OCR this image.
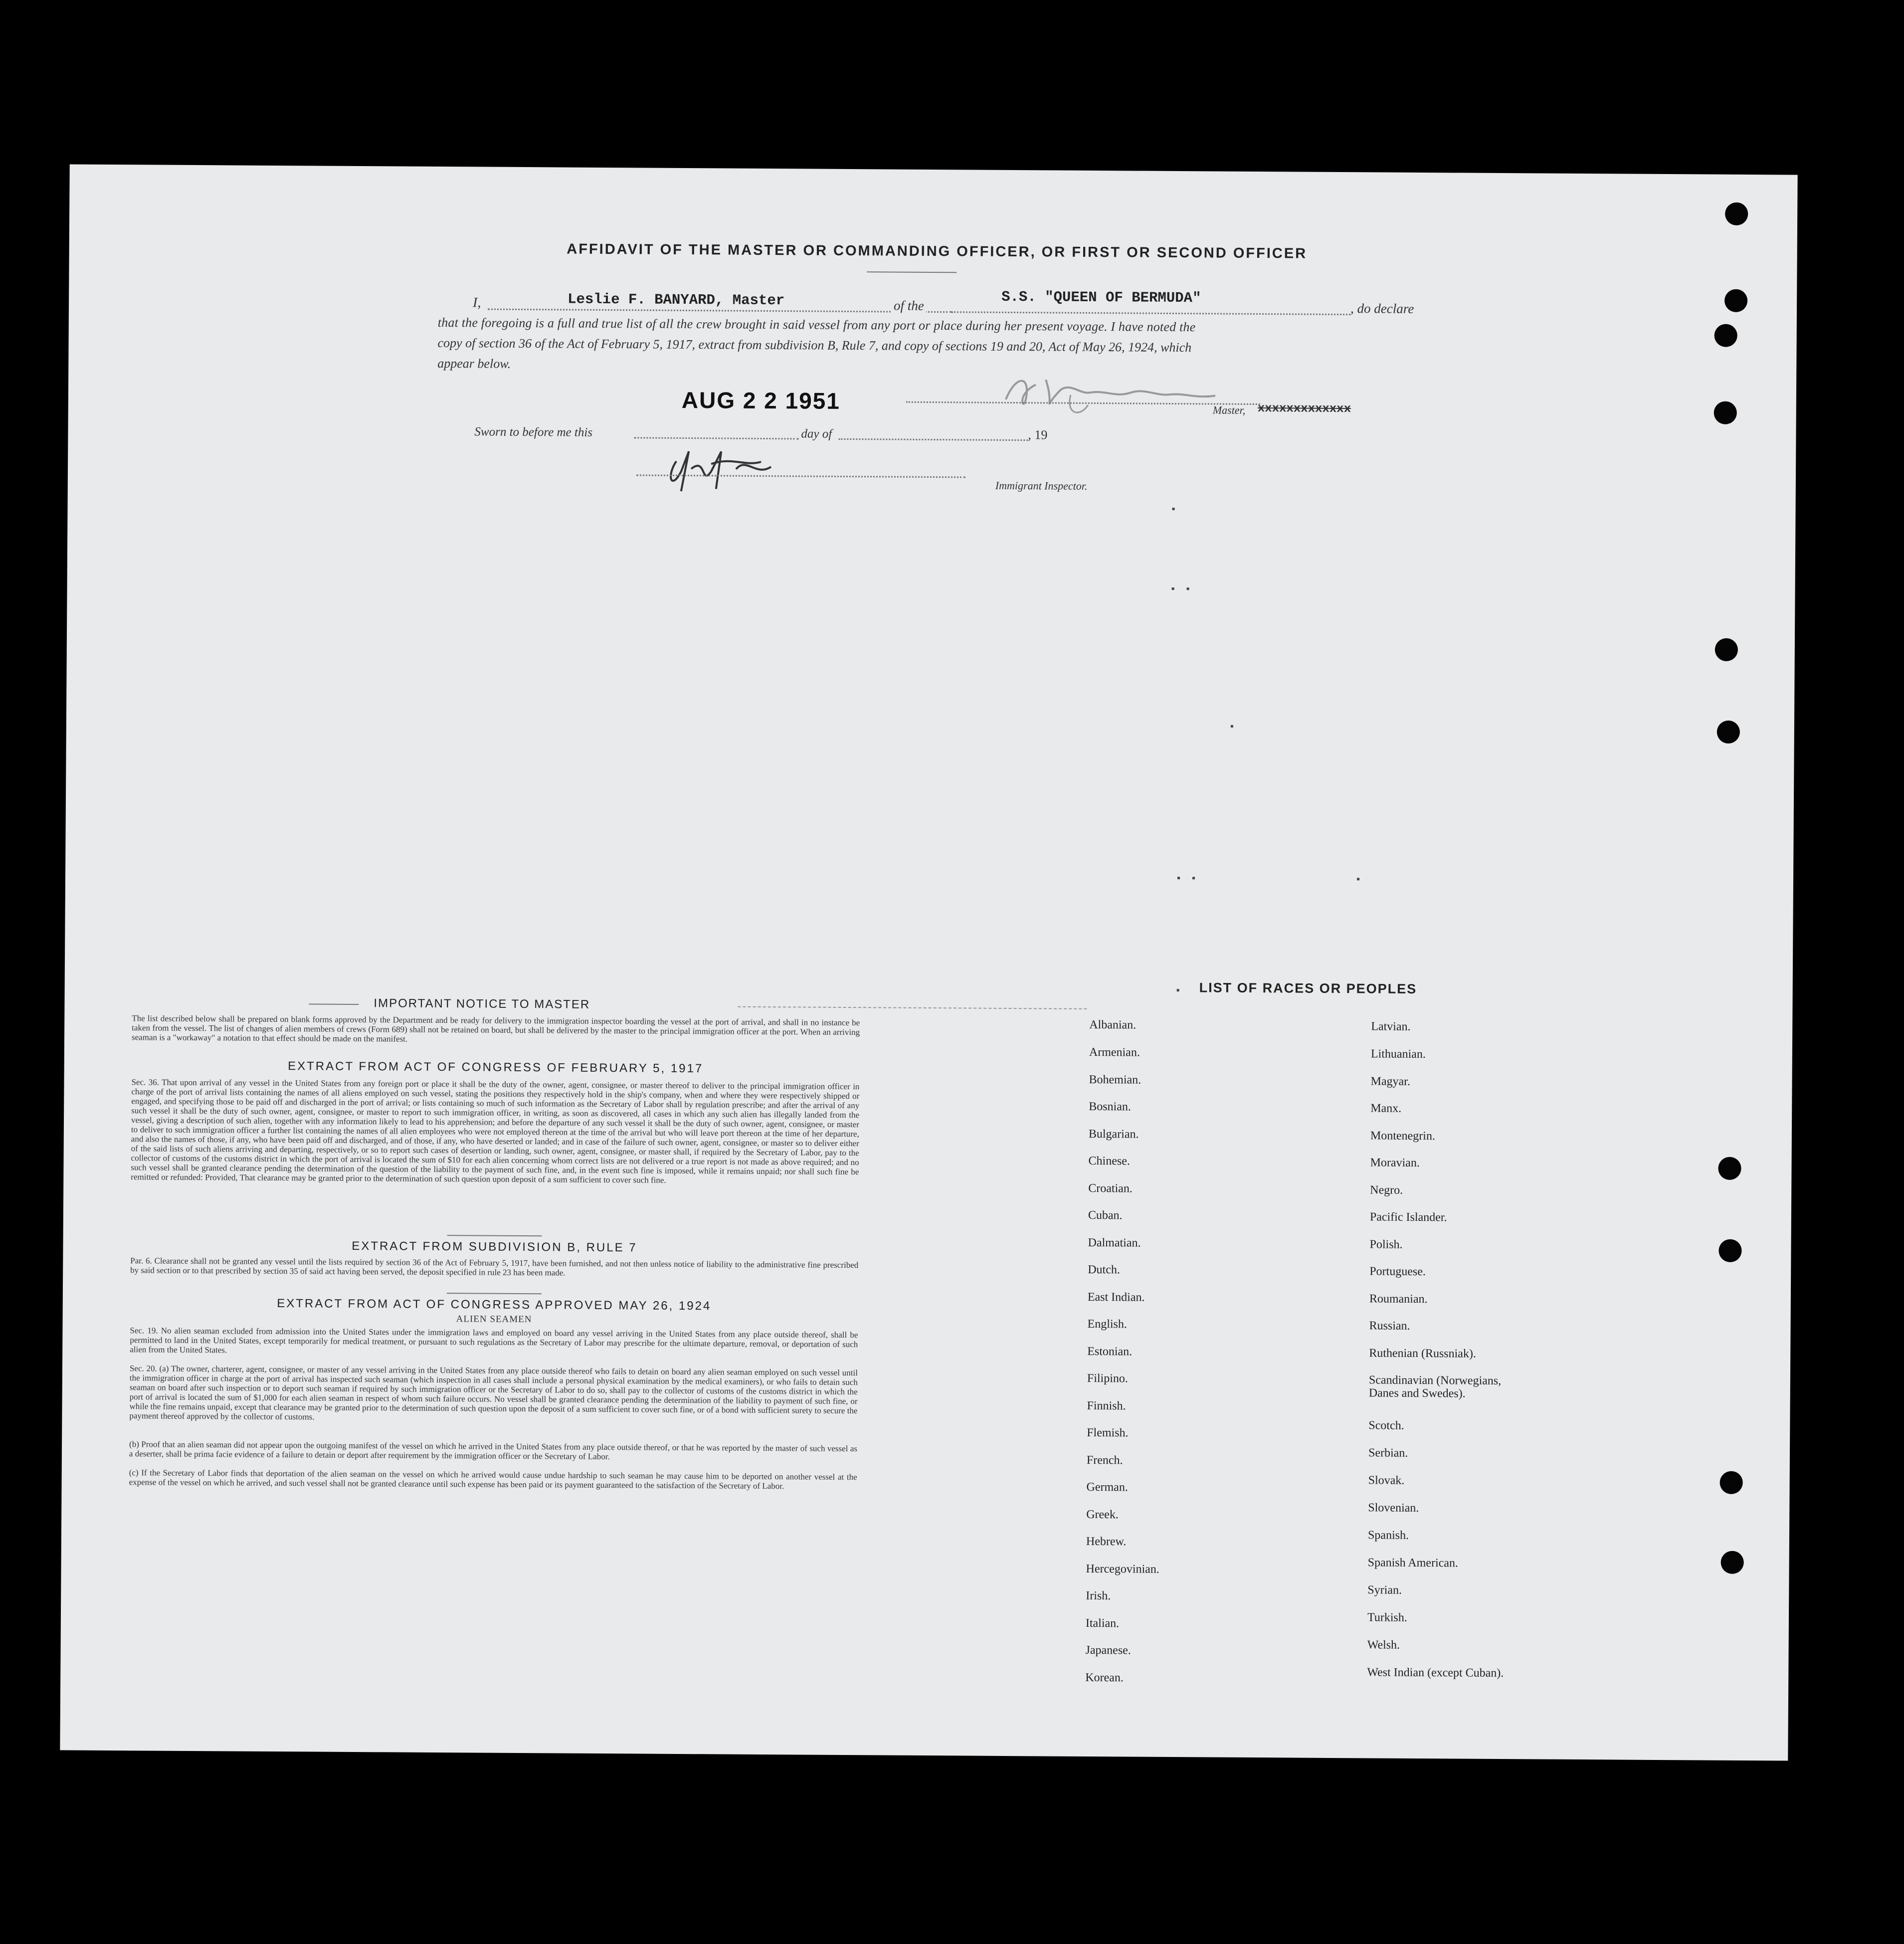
AFFIDAVIT OF THE MASTER OR COMMANDING OFFICER, OR FIRST OR SECOND OFFICER
I,	Leslie F. BANYARD, Master	of the	S.S. "QUEEN OF BERMUDA"
, do declare
that the foregoing is a full and true list of all the crew brought in said vessel from any port or place during her present voyage. I have noted the
copy of section 36 of the Act of February 5, 1917, extract from subdivision B, Rule 7, and copy of sections 19 and 20, Act of May 26, 1924, which
appear below.
AUG 2 2 1951	Master, xxxxxxxxxxxxx
Sworn to before me this	day of	, 19
Immigrant Inspector.
IMPORTANT NOTICE TO MASTER
The list described below shall be prepared on blank forms approved by the Department and be ready for delivery to the immigration inspector boarding the vessel at the port of arrival, and shall in no instance be taken from the vessel. The list of changes of alien members of crews (Form 689) shall not be retained on board, but shall be delivered by the master to the principal immigration officer at the port. When an arriving seaman is a "workaway" a notation to that effect should be made on the manifest.
EXTRACT FROM ACT OF CONGRESS OF FEBRUARY 5, 1917
Sec. 36. That upon arrival of any vessel in the United States from any foreign port or place it shall be the duty of the owner, agent, consignee, or master thereof to deliver to the principal immigration officer in charge of the port of arrival lists containing the names of all aliens employed on such vessel, stating the positions they respectively hold in the ship's company, when and where they were respectively shipped or engaged, and specifying those to be paid off and discharged in the port of arrival; or lists containing so much of such information as the Secretary of Labor shall by regulation prescribe; and after the arrival of any such vessel it shall be the duty of such owner, agent, consignee, or master to report to such immigration officer, in writing, as soon as discovered, all cases in which any such alien has illegally landed from the vessel, giving a description of such alien, together with any information likely to lead to his apprehension; and before the departure of any such vessel it shall be the duty of such owner, agent, consignee, or master to deliver to such immigration officer a further list containing the names of all alien employees who were not employed thereon at the time of the arrival but who will leave port thereon at the time of her departure, and also the names of those, if any, who have been paid off and discharged, and of those, if any, who have deserted or landed; and in case of the failure of such owner, agent, consignee, or master so to deliver either of the said lists of such aliens arriving and departing, respectively, or so to report such cases of desertion or landing, such owner, agent, consignee, or master shall, if required by the Secretary of Labor, pay to the collector of customs of the customs district in which the port of arrival is located the sum of $10 for each alien concerning whom correct lists are not delivered or a true report is not made as above required; and no such vessel shall be granted clearance pending the determination of the question of the liability to the payment of such fine, and, in the event such fine is imposed, while it remains unpaid; nor shall such fine be remitted or refunded: Provided, That clearance may be granted prior to the determination of such question upon deposit of a sum sufficient to cover such fine.
EXTRACT FROM SUBDIVISION B, RULE 7
Par. 6. Clearance shall not be granted any vessel until the lists required by section 36 of the Act of February 5, 1917, have been furnished, and not then unless notice of liability to the administrative fine prescribed by said section or to that prescribed by section 35 of said act having been served, the deposit specified in rule 23 has been made.
EXTRACT FROM ACT OF CONGRESS APPROVED MAY 26, 1924
ALIEN SEAMEN
Sec. 19. No alien seaman excluded from admission into the United States under the immigration laws and employed on board any vessel arriving in the United States from any place outside thereof, shall be permitted to land in the United States, except temporarily for medical treatment, or pursuant to such regulations as the Secretary of Labor may prescribe for the ultimate departure, removal, or deportation of such alien from the United States.
Sec. 20. (a) The owner, charterer, agent, consignee, or master of any vessel arriving in the United States from any place outside thereof who fails to detain on board any alien seaman employed on such vessel until the immigration officer in charge at the port of arrival has inspected such seaman (which inspection in all cases shall include a personal physical examination by the medical examiners), or who fails to detain such seaman on board after such inspection or to deport such seaman if required by such immigration officer or the Secretary of Labor to do so, shall pay to the collector of customs of the customs district in which the port of arrival is located the sum of $1,000 for each alien seaman in respect of whom such failure occurs. No vessel shall be granted clearance pending the determination of the liability to payment of such fine, or while the fine remains unpaid, except that clearance may be granted prior to the determination of such question upon the deposit of a sum sufficient to cover such fine, or of a bond with sufficient surety to secure the payment thereof approved by the collector of customs.
(b) Proof that an alien seaman did not appear upon the outgoing manifest of the vessel on which he arrived in the United States from any place outside thereof, or that he was reported by the master of such vessel as a deserter, shall be prima facie evidence of a failure to detain or deport after requirement by the immigration officer or the Secretary of Labor.
(c) If the Secretary of Labor finds that deportation of the alien seaman on the vessel on which he arrived would cause undue hardship to such seaman he may cause him to be deported on another vessel at the expense of the vessel on which he arrived, and such vessel shall not be granted clearance until such expense has been paid or its payment guaranteed to the satisfaction of the Secretary of Labor.
LIST OF RACES OR PEOPLES
Albanian.
Armenian.
Bohemian.
Bosnian.
Bulgarian.
Chinese.
Croatian.
Cuban.
Dalmatian.
Dutch.
East Indian.
English.
Estonian.
Filipino.
Finnish.
Flemish.
French.
German.
Greek.
Hebrew.
Hercegovinian.
Irish.
Italian.
Japanese.
Korean.
Latvian.
Lithuanian.
Magyar.
Manx.
Montenegrin.
Moravian.
Negro.
Pacific Islander.
Polish.
Portuguese.
Roumanian.
Russian.
Ruthenian (Russniak).
Scandinavian (Norwegians, Danes and Swedes).
Scotch.
Serbian.
Slovak.
Slovenian.
Spanish.
Spanish American.
Syrian.
Turkish.
Welsh.
West Indian (except Cuban).
